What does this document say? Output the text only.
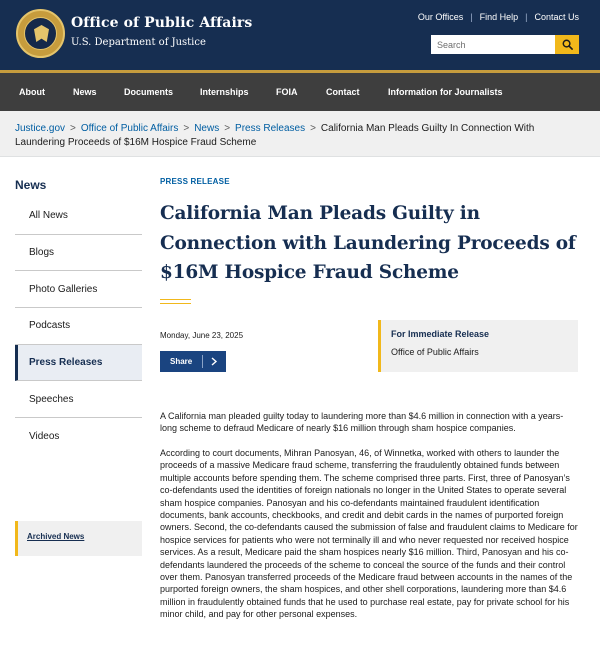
Office of Public Affairs
U.S. Department of Justice
Our Offices | Find Help | Contact Us
Search
About	News	Documents	Internships	FOIA	Contact	Information for Journalists
Justice.gov > Office of Public Affairs > News > Press Releases > California Man Pleads Guilty In Connection With Laundering Proceeds of $16M Hospice Fraud Scheme
News
All News
Blogs
Photo Galleries
Podcasts
Press Releases
Speeches
Videos
Archived News
PRESS RELEASE
California Man Pleads Guilty in Connection with Laundering Proceeds of $16M Hospice Fraud Scheme
Monday, June 23, 2025
Share
For Immediate Release
Office of Public Affairs

A California man pleaded guilty today to laundering more than $4.6 million in connection with a years-long scheme to defraud Medicare of nearly $16 million through sham hospice companies.

According to court documents, Mihran Panosyan, 46, of Winnetka, worked with others to launder the proceeds of a massive Medicare fraud scheme, transferring the fraudulently obtained funds between multiple accounts before spending them. The scheme comprised three parts. First, three of Panosyan’s co-defendants used the identities of foreign nationals no longer in the United States to operate several sham hospice companies. Panosyan and his co-defendants maintained fraudulent identification documents, bank accounts, checkbooks, and credit and debit cards in the names of purported foreign owners. Second, the co-defendants caused the submission of false and fraudulent claims to Medicare for hospice services for patients who were not terminally ill and who never requested nor received hospice services. As a result, Medicare paid the sham hospices nearly $16 million. Third, Panosyan and his co-defendants laundered the proceeds of the scheme to conceal the source of the funds and their control over them. Panosyan transferred proceeds of the Medicare fraud between accounts in the names of the purported foreign owners, the sham hospices, and other shell corporations, laundering more than $4.6 million in fraudulently obtained funds that he used to purchase real estate, pay for private school for his minor child, and pay for other personal expenses.
